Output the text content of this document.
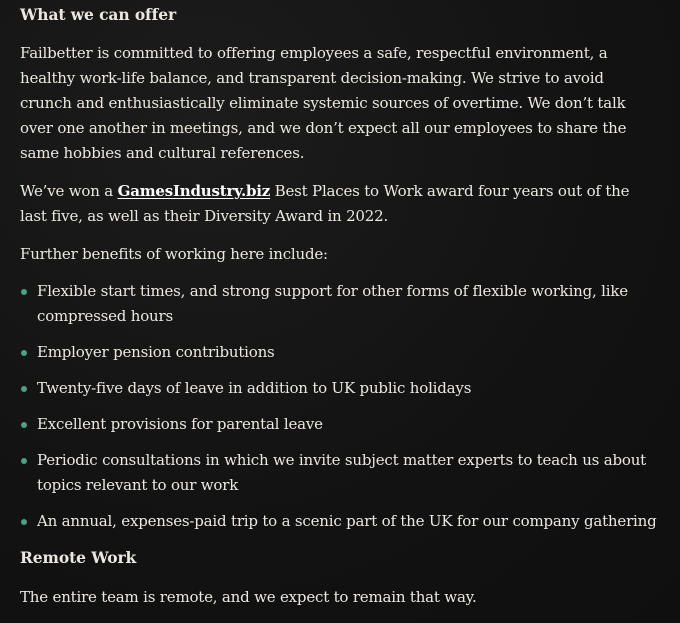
What we can offer

Failbetter is committed to offering employees a safe, respectful environment, a healthy work-life balance, and transparent decision-making. We strive to avoid crunch and enthusiastically eliminate systemic sources of overtime. We don’t talk over one another in meetings, and we don’t expect all our employees to share the same hobbies and cultural references.

We’ve won a GamesIndustry.biz Best Places to Work award four years out of the last five, as well as their Diversity Award in 2022.

Further benefits of working here include:

Flexible start times, and strong support for other forms of flexible working, like compressed hours
Employer pension contributions
Twenty-five days of leave in addition to UK public holidays
Excellent provisions for parental leave
Periodic consultations in which we invite subject matter experts to teach us about topics relevant to our work
An annual, expenses-paid trip to a scenic part of the UK for our company gathering
Remote Work

The entire team is remote, and we expect to remain that way.
